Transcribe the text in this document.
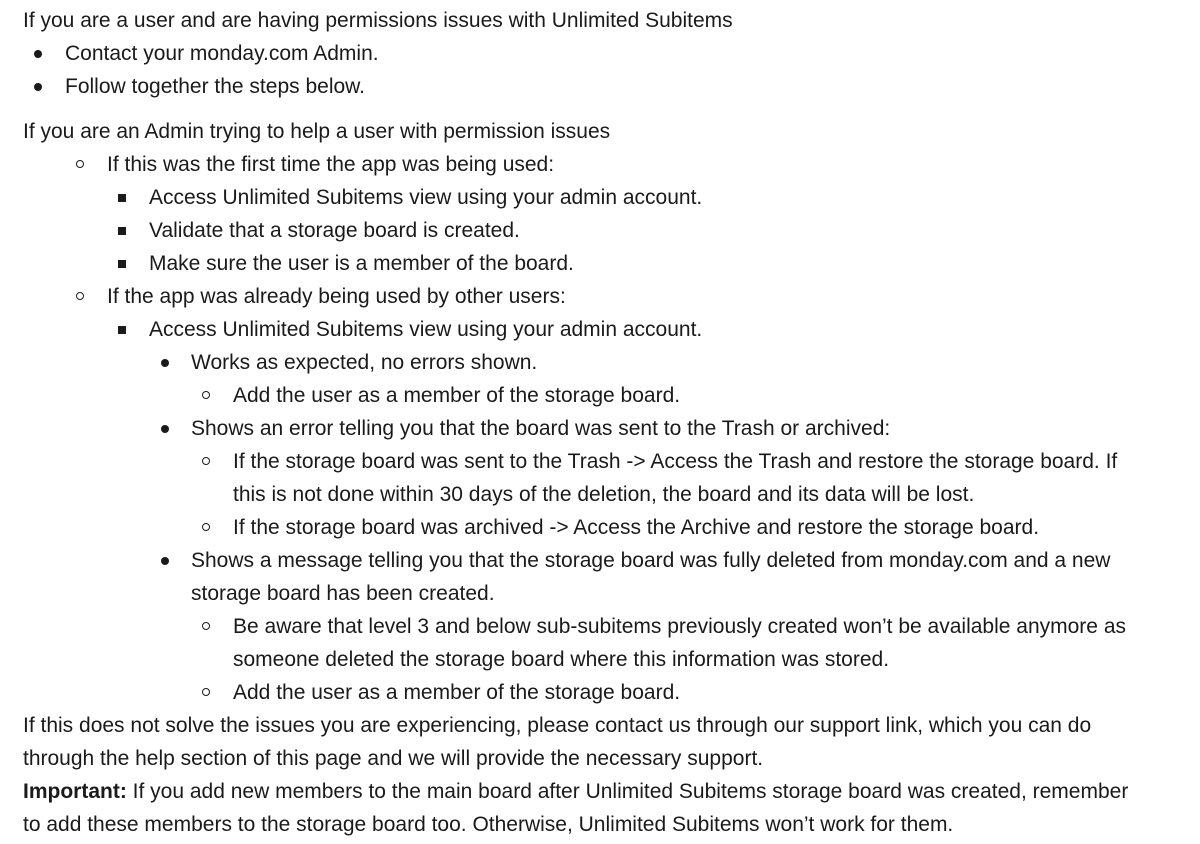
If you are a user and are having permissions issues with Unlimited Subitems
Contact your monday.com Admin.
Follow together the steps below.
If you are an Admin trying to help a user with permission issues
If this was the first time the app was being used:
Access Unlimited Subitems view using your admin account.
Validate that a storage board is created.
Make sure the user is a member of the board.
If the app was already being used by other users:
Access Unlimited Subitems view using your admin account.
Works as expected, no errors shown.
Add the user as a member of the storage board.
Shows an error telling you that the board was sent to the Trash or archived:
If the storage board was sent to the Trash -> Access the Trash and restore the storage board. If
this is not done within 30 days of the deletion, the board and its data will be lost.
If the storage board was archived -> Access the Archive and restore the storage board.
Shows a message telling you that the storage board was fully deleted from monday.com and a new
storage board has been created.
Be aware that level 3 and below sub-subitems previously created won’t be available anymore as
someone deleted the storage board where this information was stored.
Add the user as a member of the storage board.
If this does not solve the issues you are experiencing, please contact us through our support link, which you can do
through the help section of this page and we will provide the necessary support.
Important: If you add new members to the main board after Unlimited Subitems storage board was created, remember
to add these members to the storage board too. Otherwise, Unlimited Subitems won’t work for them.
